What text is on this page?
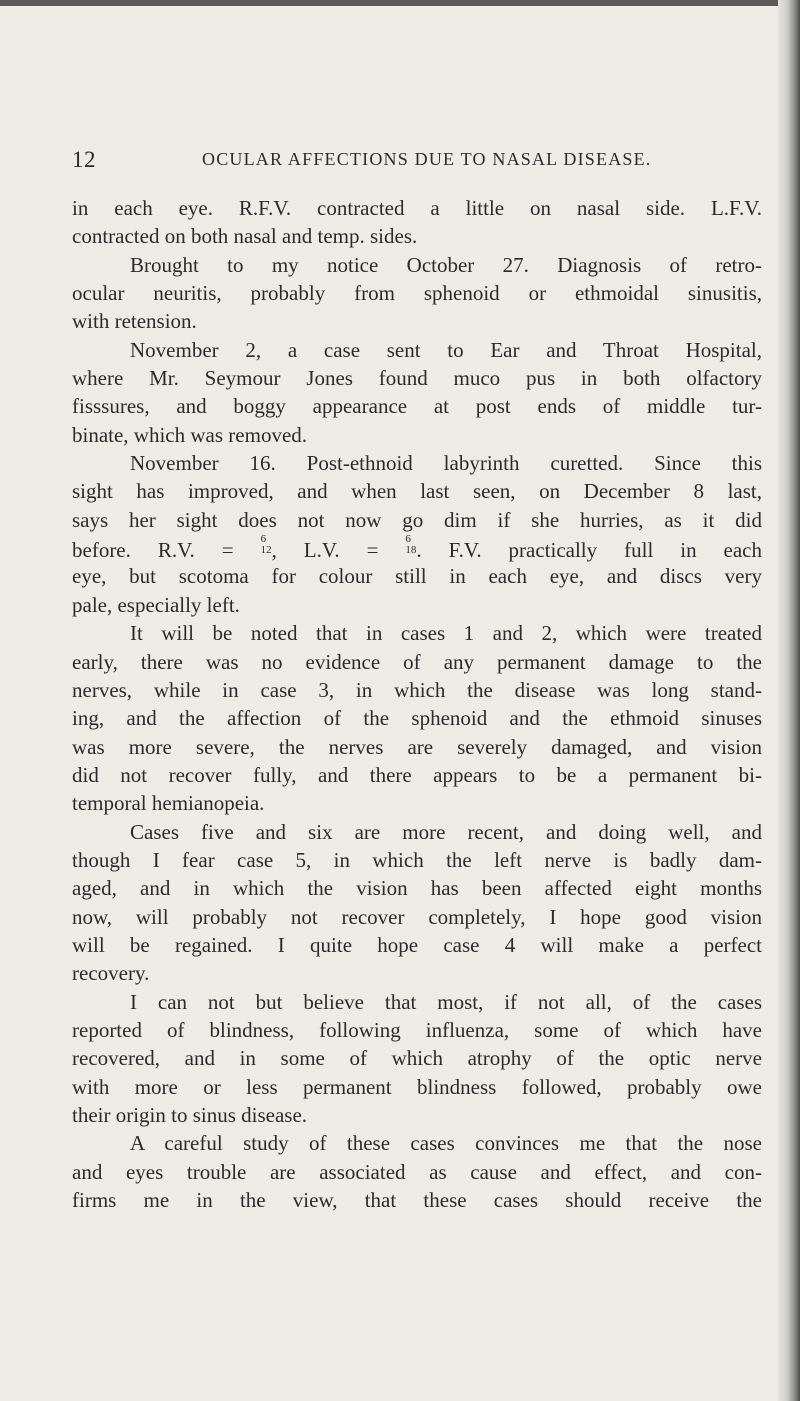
12	OCULAR AFFECTIONS DUE TO NASAL DISEASE.
in each eye. R.F.V. contracted a little on nasal side. L.F.V.
contracted on both nasal and temp. sides.
Brought to my notice October 27. Diagnosis of retro-
ocular neuritis, probably from sphenoid or ethmoidal sinusitis,
with retension.
November 2, a case sent to Ear and Throat Hospital,
where Mr. Seymour Jones found muco pus in both olfactory
fisssures, and boggy appearance at post ends of middle tur-
binate, which was removed.
November 16. Post-ethnoid labyrinth curetted. Since this
sight has improved, and when last seen, on December 8 last,
says her sight does not now go dim if she hurries, as it did
before. R.V. = 6
12 , L.V. = 6
18 . F.V. practically full in each
eye, but scotoma for colour still in each eye, and discs very
pale, especially left.
It will be noted that in cases 1 and 2, which were treated
early, there was no evidence of any permanent damage to the
nerves, while in case 3, in which the disease was long stand-
ing, and the affection of the sphenoid and the ethmoid sinuses
was more severe, the nerves are severely damaged, and vision
did not recover fully, and there appears to be a permanent bi-
temporal hemianopeia.
Cases five and six are more recent, and doing well, and
though I fear case 5, in which the left nerve is badly dam-
aged, and in which the vision has been affected eight months
now, will probably not recover completely, I hope good vision
will be regained. I quite hope case 4 will make a perfect
recovery.
I can not but believe that most, if not all, of the cases
reported of blindness, following influenza, some of which have
recovered, and in some of which atrophy of the optic nerve
with more or less permanent blindness followed, probably owe
their origin to sinus disease.
A careful study of these cases convinces me that the nose
and eyes trouble are associated as cause and effect, and con-
firms me in the view, that these cases should receive the
